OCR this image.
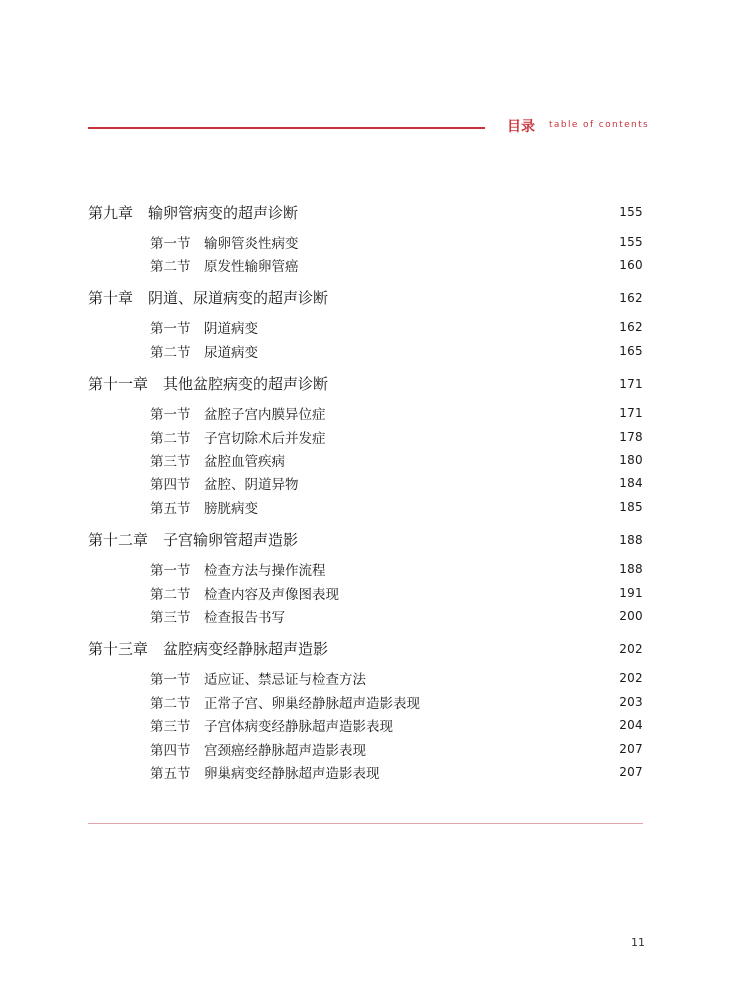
目录 table of contents
第九章　输卵管病变的超声诊断	155
第一节　输卵管炎性病变	155
第二节　原发性输卵管癌	160
第十章　阴道、尿道病变的超声诊断	162
第一节　阴道病变	162
第二节　尿道病变	165
第十一章　其他盆腔病变的超声诊断	171
第一节　盆腔子宫内膜异位症	171
第二节　子宫切除术后并发症	178
第三节　盆腔血管疾病	180
第四节　盆腔、阴道异物	184
第五节　膀胱病变	185
第十二章　子宫输卵管超声造影	188
第一节　检查方法与操作流程	188
第二节　检查内容及声像图表现	191
第三节　检查报告书写	200
第十三章　盆腔病变经静脉超声造影	202
第一节　适应证、禁忌证与检查方法	202
第二节　正常子宫、卵巢经静脉超声造影表现	203
第三节　子宫体病变经静脉超声造影表现	204
第四节　宫颈癌经静脉超声造影表现	207
第五节　卵巢病变经静脉超声造影表现	207
11
